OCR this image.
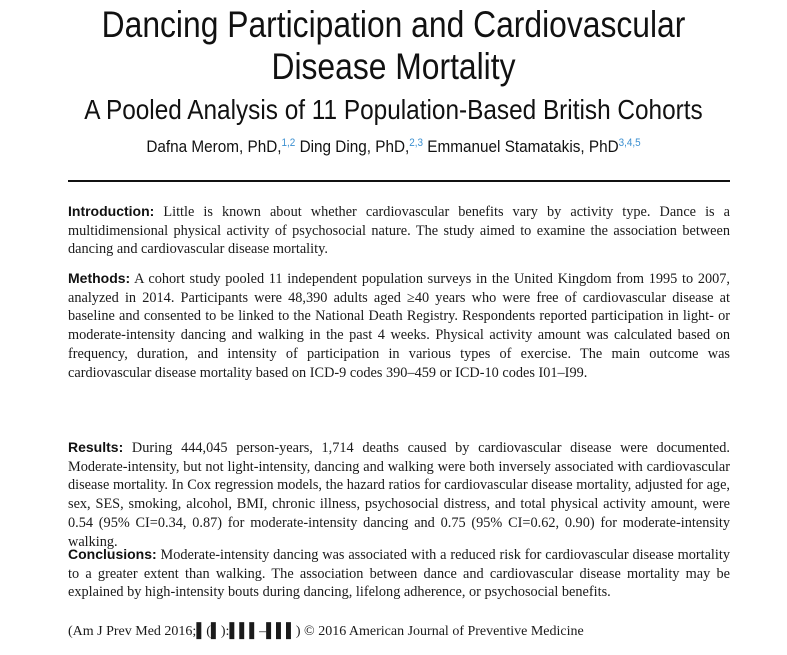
Dancing Participation and Cardiovascular
Disease Mortality
A Pooled Analysis of 11 Population-Based British Cohorts
Dafna Merom, PhD,$^{1,2}$ Ding Ding, PhD,$^{2,3}$ Emmanuel Stamatakis, PhD$^{3,4,5}$
Introduction: Little is known about whether cardiovascular benefits vary by activity type. Dance is a multidimensional physical activity of psychosocial nature. The study aimed to examine the association between dancing and cardiovascular disease mortality.
Methods: A cohort study pooled 11 independent population surveys in the United Kingdom from 1995 to 2007, analyzed in 2014. Participants were 48,390 adults aged ≥40 years who were free of cardiovascular disease at baseline and consented to be linked to the National Death Registry. Respondents reported participation in light- or moderate-intensity dancing and walking in the past 4 weeks. Physical activity amount was calculated based on frequency, duration, and intensity of participation in various types of exercise. The main outcome was cardiovascular disease mortality based on ICD-9 codes 390–459 or ICD-10 codes I01–I99.
Results: During 444,045 person-years, 1,714 deaths caused by cardiovascular disease were documented. Moderate-intensity, but not light-intensity, dancing and walking were both inversely associated with cardiovascular disease mortality. In Cox regression models, the hazard ratios for cardiovascular disease mortality, adjusted for age, sex, SES, smoking, alcohol, BMI, chronic illness, psychosocial distress, and total physical activity amount, were 0.54 (95% CI=0.34, 0.87) for moderate-intensity dancing and 0.75 (95% CI=0.62, 0.90) for moderate-intensity walking.
Conclusions: Moderate-intensity dancing was associated with a reduced risk for cardiovascular disease mortality to a greater extent than walking. The association between dance and cardiovascular disease mortality may be explained by high-intensity bouts during dancing, lifelong adherence, or psychosocial benefits.
(Am J Prev Med 2016;▌(▌):▌▌▌–▌▌▌) © 2016 American Journal of Preventive Medicine
